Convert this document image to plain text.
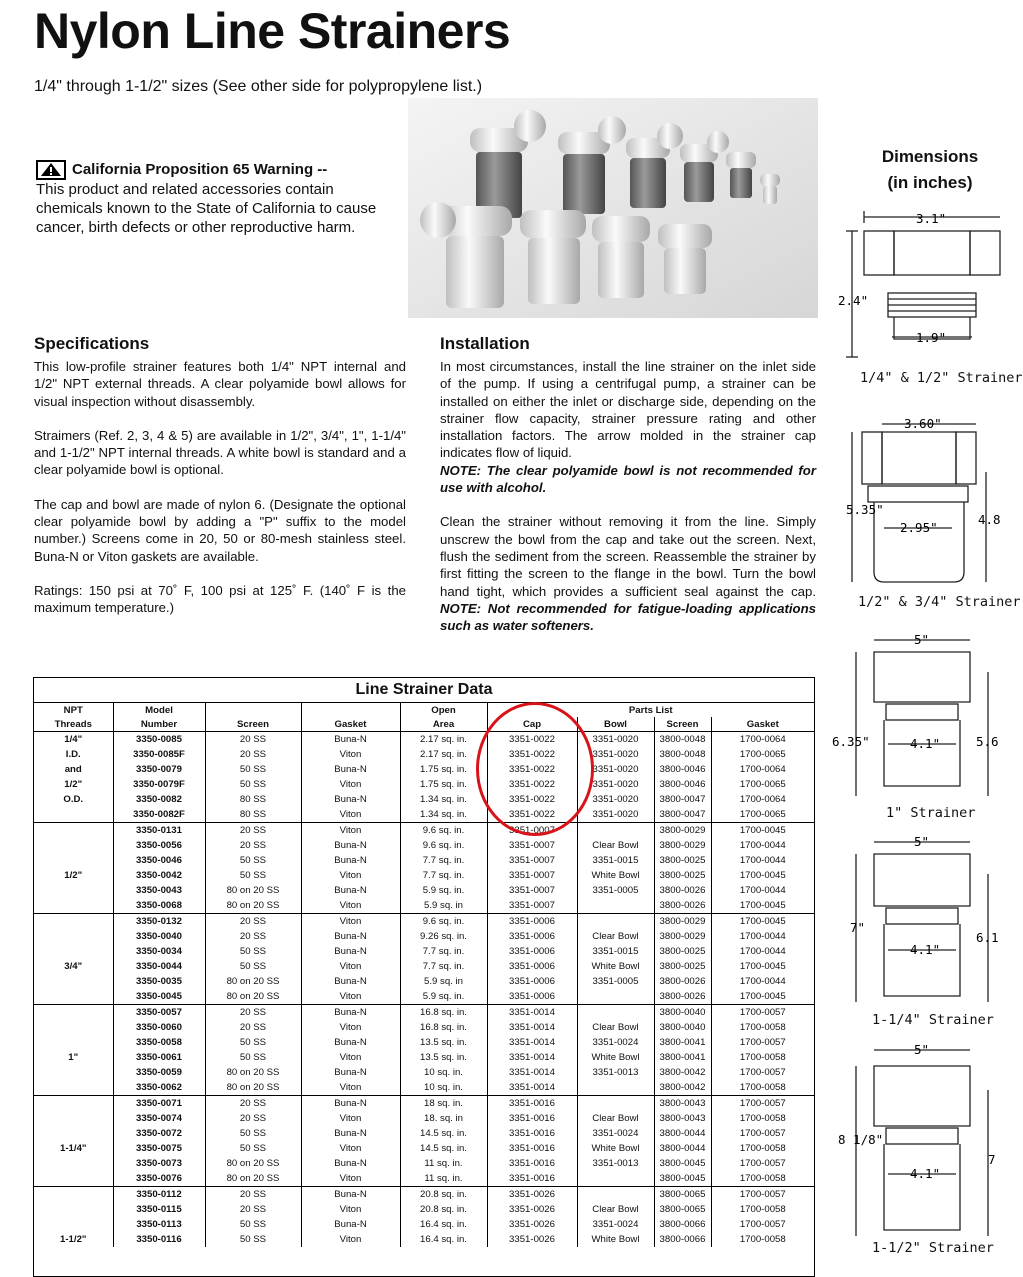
Nylon Line Strainers
1/4" through 1-1/2" sizes (See other side for polypropylene list.)
California Proposition 65 Warning --
This product and related accessories contain chemicals known to the State of California to cause cancer, birth defects or other reproductive harm.
Specifications

This low-profile strainer features both 1/4" NPT internal and 1/2" NPT external threads. A clear polyamide bowl allows for visual inspection without disassembly.

Straimers (Ref. 2, 3, 4 & 5) are available in 1/2", 3/4", 1", 1-1/4" and 1-1/2" NPT internal threads. A white bowl is standard and a clear polyamide bowl is optional.

The cap and bowl are made of nylon 6. (Designate the optional clear polyamide bowl by adding a "P" suffix to the model number.) Screens come in 20, 50 or 80-mesh stainless steel. Buna-N or Viton gaskets are available.

Ratings: 150 psi at 70˚ F, 100 psi at 125˚ F. (140˚ F is the maximum temperature.)

Installation

In most circumstances, install the line strainer on the inlet side of the pump. If using a centrifugal pump, a strainer can be installed on either the inlet or discharge side, depending on the strainer flow capacity, strainer pressure rating and other installation factors. The arrow molded in the strainer cap indicates flow of liquid.
NOTE: The clear polyamide bowl is not recommended for use with alcohol.

Clean the strainer without removing it from the line. Simply unscrew the bowl from the cap and take out the screen. Next, flush the sediment from the screen. Reassemble the strainer by first fitting the screen to the flange in the bowl. Turn the bowl hand tight, which provides a sufficient seal against the cap. NOTE: Not recommended for fatigue-loading applications such as water softeners.

Dimensions
(in inches)
3.1"
2.4"
1.9"
1/4" & 1/2" Strainer
3.60"
5.35"
2.95"
4.8
1/2" & 3/4" Strainer
5"
6.35"	4.1"	5.6
1" Strainer
5"
7"
4.1"
6.1
1-1/4" Strainer
5"
8 1/8"
4.1"
7
1-1/2" Strainer
Line Strainer Data
NPT	Model			Open	Parts List			
Threads	Number	Screen	Gasket	Area	Cap	Bowl	Screen	Gasket
1/4"	3350-0085	20 SS	Buna-N	2.17 sq. in.	3351-0022	3351-0020	3800-0048	1700-0064
I.D.	3350-0085F	20 SS	Viton	2.17 sq. in.	3351-0022	3351-0020	3800-0048	1700-0065
and	3350-0079	50 SS	Buna-N	1.75 sq. in.	3351-0022	3351-0020	3800-0046	1700-0064
1/2"	3350-0079F	50 SS	Viton	1.75 sq. in.	3351-0022	3351-0020	3800-0046	1700-0065
O.D.	3350-0082	80 SS	Buna-N	1.34 sq. in.	3351-0022	3351-0020	3800-0047	1700-0064
	3350-0082F	80 SS	Viton	1.34 sq. in.	3351-0022	3351-0020	3800-0047	1700-0065
	3350-0131	20 SS	Viton	9.6 sq. in.	3351-0007		3800-0029	1700-0045
	3350-0056	20 SS	Buna-N	9.6 sq. in.	3351-0007	Clear Bowl	3800-0029	1700-0044
	3350-0046	50 SS	Buna-N	7.7 sq. in.	3351-0007	3351-0015	3800-0025	1700-0044
1/2"	3350-0042	50 SS	Viton	7.7 sq. in.	3351-0007	White Bowl	3800-0025	1700-0045
	3350-0043	80 on 20 SS	Buna-N	5.9 sq. in.	3351-0007	3351-0005	3800-0026	1700-0044
	3350-0068	80 on 20 SS	Viton	5.9 sq. in	3351-0007		3800-0026	1700-0045
	3350-0132	20 SS	Viton	9.6 sq. in.	3351-0006		3800-0029	1700-0045
	3350-0040	20 SS	Buna-N	9.26 sq. in.	3351-0006	Clear Bowl	3800-0029	1700-0044
	3350-0034	50 SS	Buna-N	7.7 sq. in.	3351-0006	3351-0015	3800-0025	1700-0044
3/4"	3350-0044	50 SS	Viton	7.7 sq. in.	3351-0006	White Bowl	3800-0025	1700-0045
	3350-0035	80 on 20 SS	Buna-N	5.9 sq. in	3351-0006	3351-0005	3800-0026	1700-0044
	3350-0045	80 on 20 SS	Viton	5.9 sq. in.	3351-0006		3800-0026	1700-0045
	3350-0057	20 SS	Buna-N	16.8 sq. in.	3351-0014		3800-0040	1700-0057
	3350-0060	20 SS	Viton	16.8 sq. in.	3351-0014	Clear Bowl	3800-0040	1700-0058
	3350-0058	50 SS	Buna-N	13.5 sq. in.	3351-0014	3351-0024	3800-0041	1700-0057
1"	3350-0061	50 SS	Viton	13.5 sq. in.	3351-0014	White Bowl	3800-0041	1700-0058
	3350-0059	80 on 20 SS	Buna-N	10 sq. in.	3351-0014	3351-0013	3800-0042	1700-0057
	3350-0062	80 on 20 SS	Viton	10 sq. in.	3351-0014		3800-0042	1700-0058
	3350-0071	20 SS	Buna-N	18 sq. in.	3351-0016		3800-0043	1700-0057
	3350-0074	20 SS	Viton	18. sq. in	3351-0016	Clear Bowl	3800-0043	1700-0058
	3350-0072	50 SS	Buna-N	14.5 sq. in.	3351-0016	3351-0024	3800-0044	1700-0057
1-1/4"	3350-0075	50 SS	Viton	14.5 sq. in.	3351-0016	White Bowl	3800-0044	1700-0058
	3350-0073	80 on 20 SS	Buna-N	11 sq. in.	3351-0016	3351-0013	3800-0045	1700-0057
	3350-0076	80 on 20 SS	Viton	11 sq. in.	3351-0016		3800-0045	1700-0058
	3350-0112	20 SS	Buna-N	20.8 sq. in.	3351-0026		3800-0065	1700-0057
	3350-0115	20 SS	Viton	20.8 sq. in.	3351-0026	Clear Bowl	3800-0065	1700-0058
	3350-0113	50 SS	Buna-N	16.4 sq. in.	3351-0026	3351-0024	3800-0066	1700-0057
1-1/2"	3350-0116	50 SS	Viton	16.4 sq. in.	3351-0026	White Bowl	3800-0066	1700-0058
